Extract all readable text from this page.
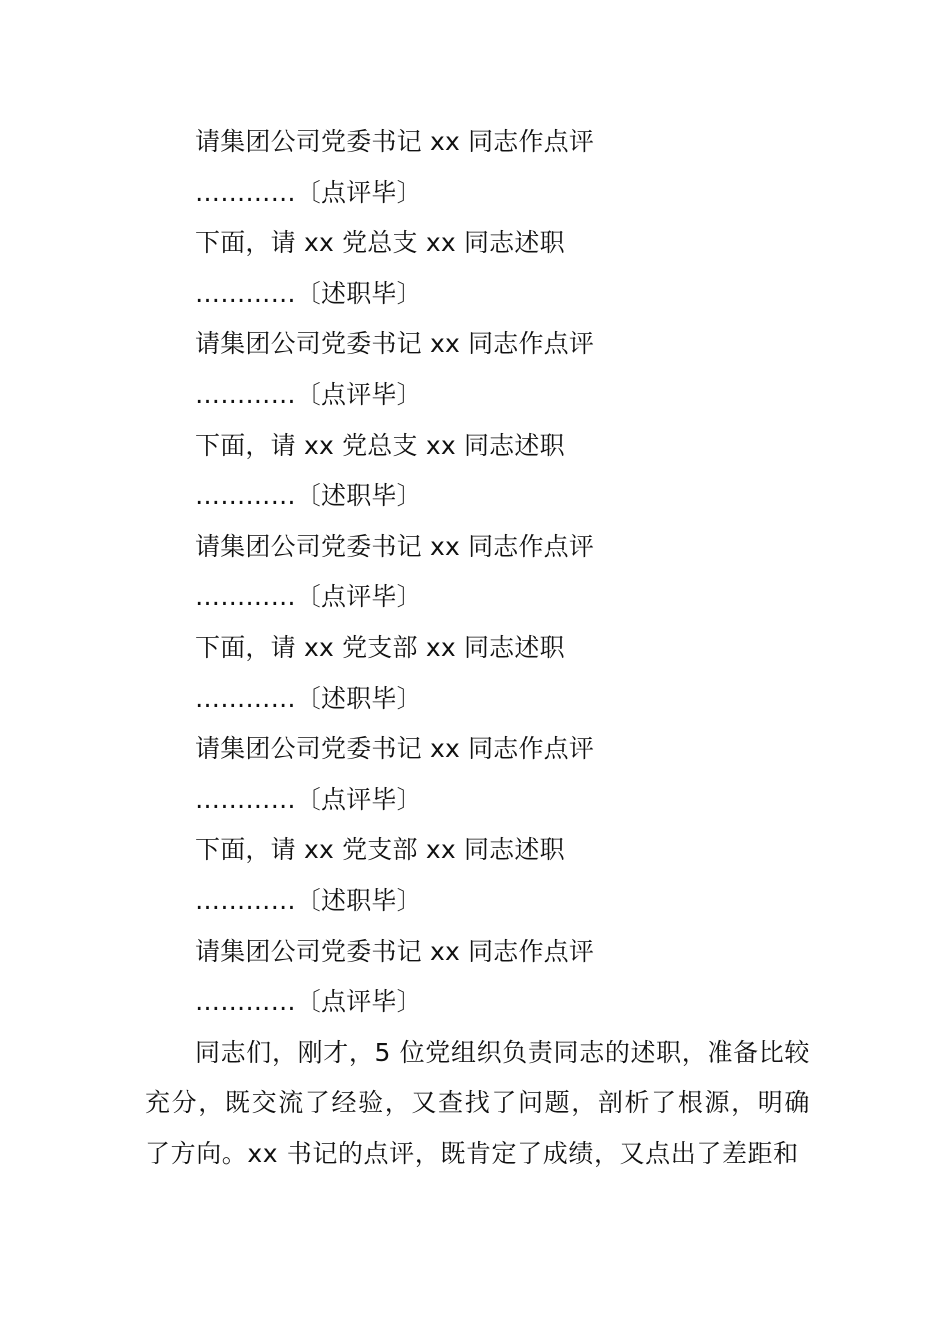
请集团公司党委书记 xx 同志作点评
…………〔点评毕〕
下面，请 xx 党总支 xx 同志述职
…………〔述职毕〕
请集团公司党委书记 xx 同志作点评
…………〔点评毕〕
下面，请 xx 党总支 xx 同志述职
…………〔述职毕〕
请集团公司党委书记 xx 同志作点评
…………〔点评毕〕
下面，请 xx 党支部 xx 同志述职
…………〔述职毕〕
请集团公司党委书记 xx 同志作点评
…………〔点评毕〕
下面，请 xx 党支部 xx 同志述职
…………〔述职毕〕
请集团公司党委书记 xx 同志作点评
…………〔点评毕〕

同志们，刚才，5 位党组织负责同志的述职，准备比较充分，既交流了经验，又查找了问题，剖析了根源，明确了方向。xx 书记的点评，既肯定了成绩，又点出了差距和
